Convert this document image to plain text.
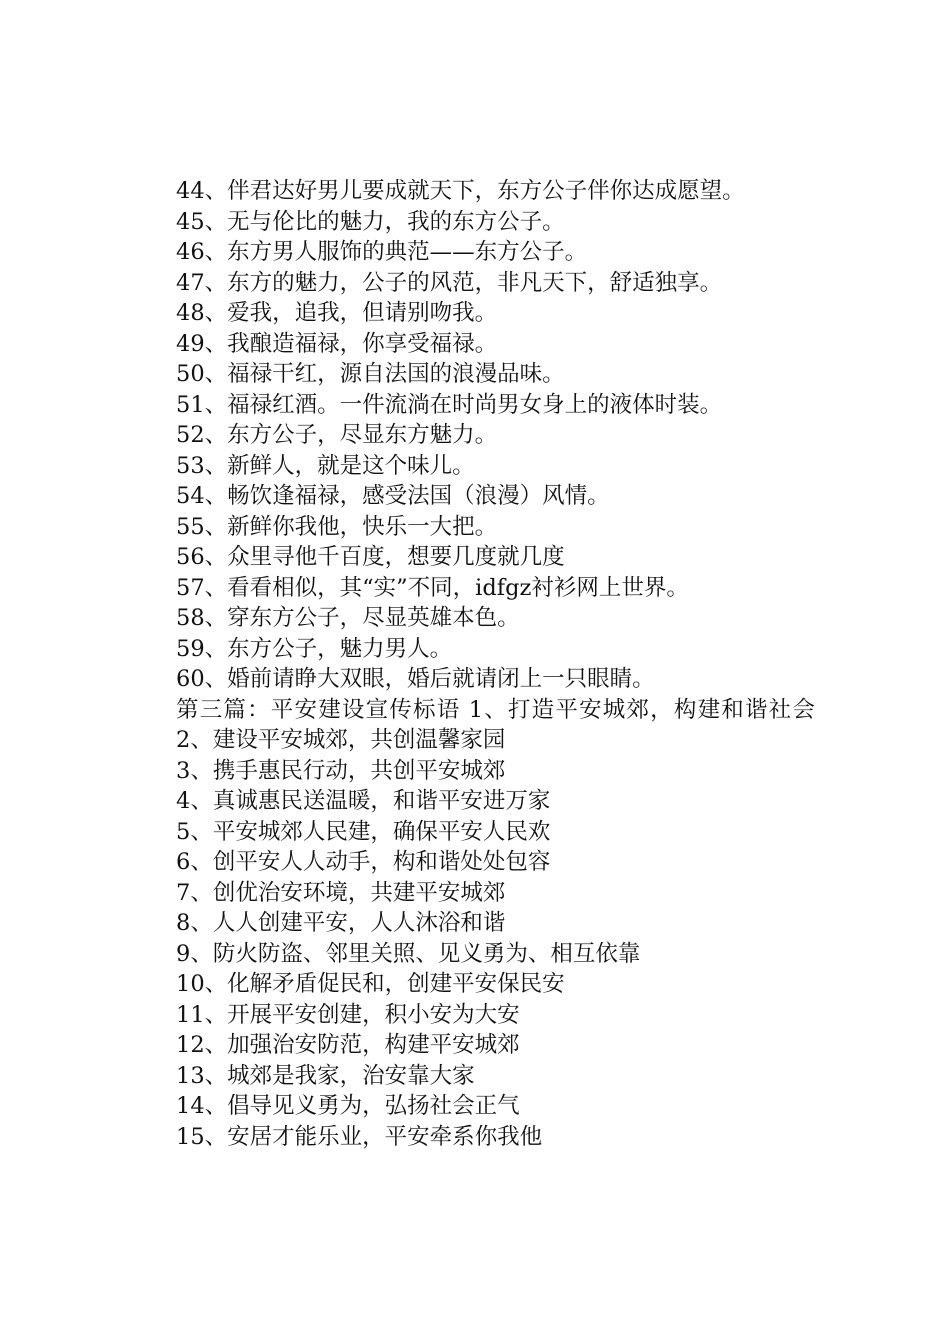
44、伴君达好男儿要成就天下，东方公子伴你达成愿望。
45、无与伦比的魅力，我的东方公子。
46、东方男人服饰的典范——东方公子。
47、东方的魅力，公子的风范，非凡天下，舒适独享。
48、爱我，追我，但请别吻我。
49、我酿造福禄，你享受福禄。
50、福禄干红，源自法国的浪漫品味。
51、福禄红酒。一件流淌在时尚男女身上的液体时装。
52、东方公子，尽显东方魅力。
53、新鲜人，就是这个味儿。
54、畅饮逢福禄，感受法国（浪漫）风情。
55、新鲜你我他，快乐一大把。
56、众里寻他千百度，想要几度就几度
57、看看相似，其“实”不同，idfgz衬衫网上世界。
58、穿东方公子，尽显英雄本色。
59、东方公子，魅力男人。
60、婚前请睁大双眼，婚后就请闭上一只眼睛。
第三篇：平安建设宣传标语 1、打造平安城郊，构建和谐社会
2、建设平安城郊，共创温馨家园
3、携手惠民行动，共创平安城郊
4、真诚惠民送温暖，和谐平安进万家
5、平安城郊人民建，确保平安人民欢
6、创平安人人动手，构和谐处处包容
7、创优治安环境，共建平安城郊
8、人人创建平安，人人沐浴和谐
9、防火防盗、邻里关照、见义勇为、相互依靠
10、化解矛盾促民和，创建平安保民安
11、开展平安创建，积小安为大安
12、加强治安防范，构建平安城郊
13、城郊是我家，治安靠大家
14、倡导见义勇为，弘扬社会正气
15、安居才能乐业，平安牵系你我他
